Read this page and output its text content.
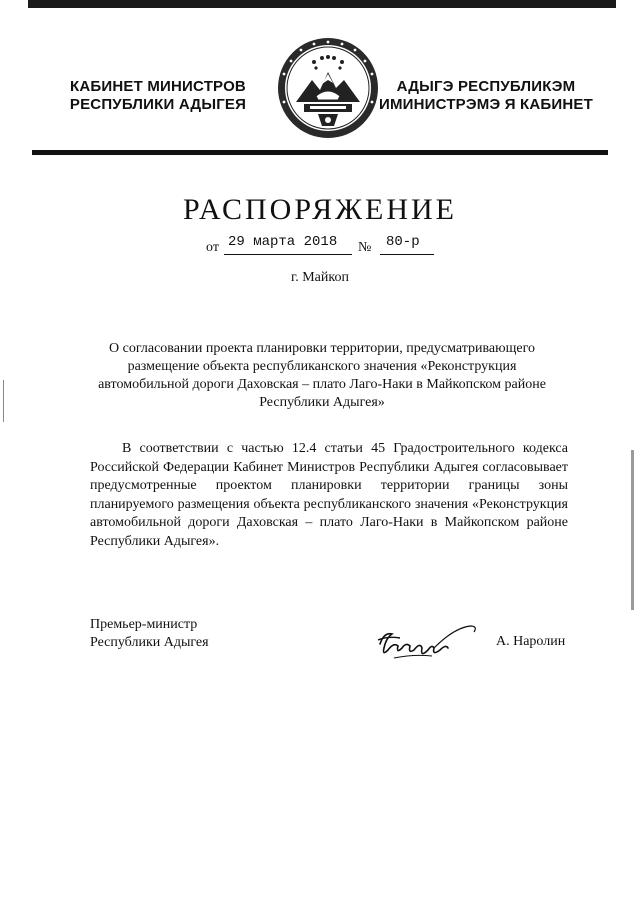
КАБИНЕТ МИНИСТРОВ
РЕСПУБЛИКИ АДЫГЕЯ
АДЫГЭ РЕСПУБЛИКЭМ
ИМИНИСТРЭМЭ Я КАБИНЕТ
РАСПОРЯЖЕНИЕ
от 29 марта 2018 № 80-р
г. Майкоп
О согласовании проекта планировки территории, предусматривающего размещение объекта республиканского значения «Реконструкция автомобильной дороги Даховская – плато Лаго-Наки в Майкопском районе Республики Адыгея»
В соответствии с частью 12.4 статьи 45 Градостроительного кодекса Российской Федерации Кабинет Министров Республики Адыгея согласовывает предусмотренные проектом планировки территории границы зоны планируемого размещения объекта республиканского значения «Реконструкция автомобильной дороги Даховская – плато Лаго-Наки в Майкопском районе Республики Адыгея».
Премьер-министр
Республики Адыгея	А. Наролин
